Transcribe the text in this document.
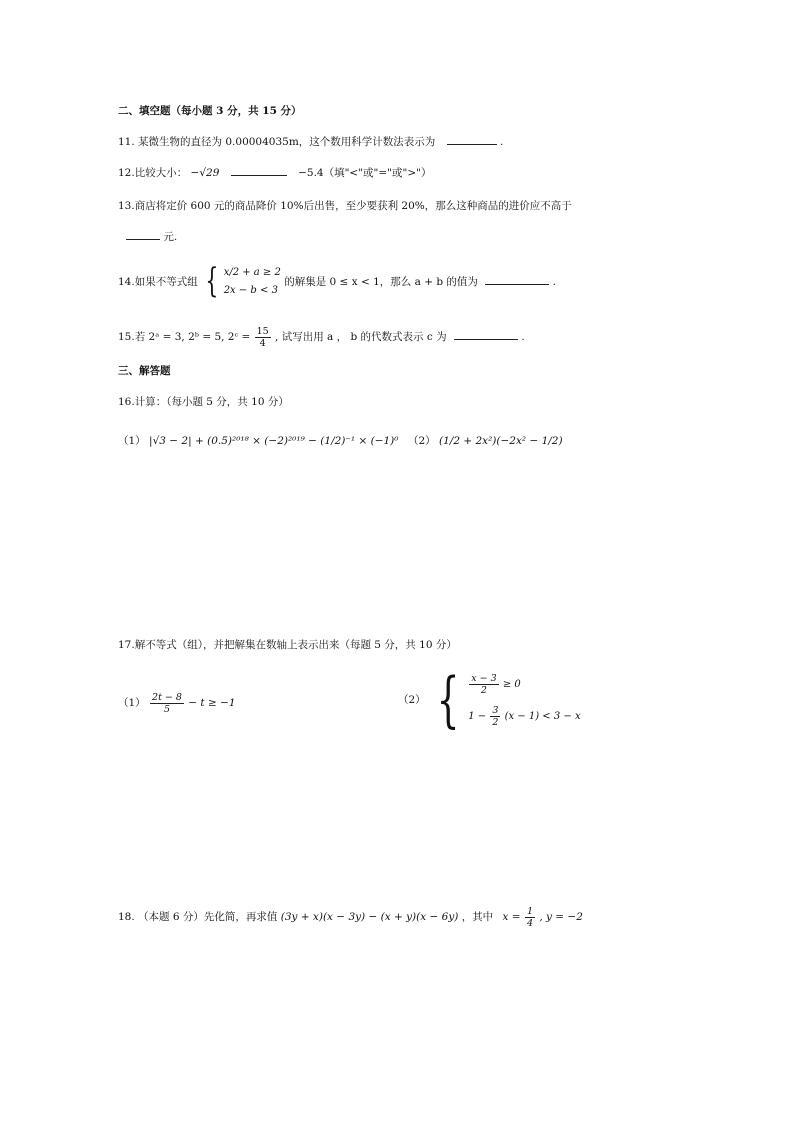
二、填空题（每小题 3 分，共 15 分）
11. 某微生物的直径为 0.00004035m，这个数用科学计数法表示为	.
12.比较大小： −√29	−5.4（填"<"或"="或">"）
13.商店将定价 600 元的商品降价 10%后出售，至少要获利 20%，那么这种商品的进价应不高于
元.
14.如果不等式组 { x/2 + a ≥ 2
2x − b < 3
的解集是 0 ≤ x < 1，那么 a + b 的值为	.
15.若 2ᵃ = 3, 2ᵇ = 5, 2ᶜ = $\frac{15}{4}$ , 试写出用 a ， b 的代数式表示 c 为	.
三、解答题
16.计算：（每小题 5 分，共 10 分）
（1） |√3 − 2| + (0.5)²⁰¹⁸ × (−2)²⁰¹⁹ − (1/2)⁻¹ × (−1)⁰ （2） (1/2 + 2x²)(−2x² − 1/2)
17.解不等式（组），并把解集在数轴上表示出来（每题 5 分，共 10 分）
$(1) \frac{2t - 8}{5} - t \ge -1$	（2） { $\frac{x - 3}{2} \ge 0$
$1 - \frac{3}{2} (x - 1) < 3 - x$
18. （本题 6 分）先化简，再求值 (3y + x)(x − 3y) − (x + y)(x − 6y) ，其中 $x = \frac{1}{4}$ , y = −2
